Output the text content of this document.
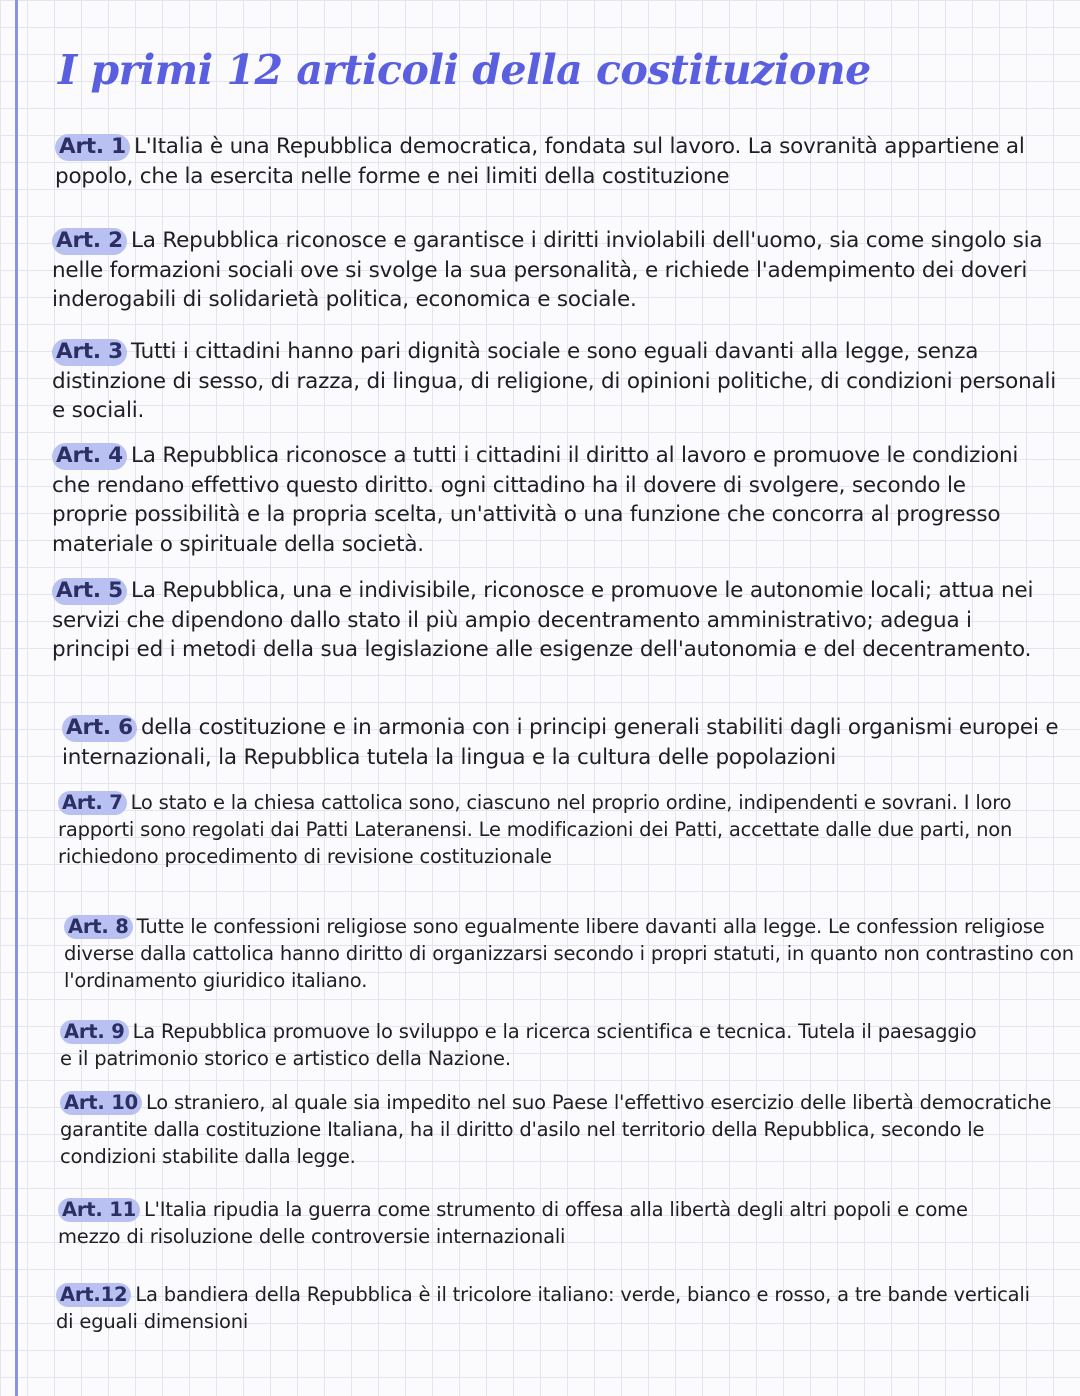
I primi 12 articoli della costituzione

Art. 1 L'Italia è una Repubblica democratica, fondata sul lavoro. La sovranità appartiene al popolo, che la esercita nelle forme e nei limiti della costituzione

Art. 2 La Repubblica riconosce e garantisce i diritti inviolabili dell'uomo, sia come singolo sia nelle formazioni sociali ove si svolge la sua personalità, e richiede l'adempimento dei doveri inderogabili di solidarietà politica, economica e sociale.

Art. 3 Tutti i cittadini hanno pari dignità sociale e sono eguali davanti alla legge, senza distinzione di sesso, di razza, di lingua, di religione, di opinioni politiche, di condizioni personali e sociali.

Art. 4 La Repubblica riconosce a tutti i cittadini il diritto al lavoro e promuove le condizioni che rendano effettivo questo diritto. ogni cittadino ha il dovere di svolgere, secondo le proprie possibilità e la propria scelta, un'attività o una funzione che concorra al progresso materiale o spirituale della società.

Art. 5 La Repubblica, una e indivisibile, riconosce e promuove le autonomie locali; attua nei servizi che dipendono dallo stato il più ampio decentramento amministrativo; adegua i principi ed i metodi della sua legislazione alle esigenze dell'autonomia e del decentramento.

Art. 6 della costituzione e in armonia con i principi generali stabiliti dagli organismi europei e internazionali, la Repubblica tutela la lingua e la cultura delle popolazioni

Art. 7 Lo stato e la chiesa cattolica sono, ciascuno nel proprio ordine, indipendenti e sovrani. I loro rapporti sono regolati dai Patti Lateranensi. Le modificazioni dei Patti, accettate dalle due parti, non richiedono procedimento di revisione costituzionale

Art. 8 Tutte le confessioni religiose sono egualmente libere davanti alla legge. Le confession religiose diverse dalla cattolica hanno diritto di organizzarsi secondo i propri statuti, in quanto non contrastino con l'ordinamento giuridico italiano.

Art. 9 La Repubblica promuove lo sviluppo e la ricerca scientifica e tecnica. Tutela il paesaggio e il patrimonio storico e artistico della Nazione.

Art. 10 Lo straniero, al quale sia impedito nel suo Paese l'effettivo esercizio delle libertà democratiche garantite dalla costituzione Italiana, ha il diritto d'asilo nel territorio della Repubblica, secondo le condizioni stabilite dalla legge.

Art. 11 L'Italia ripudia la guerra come strumento di offesa alla libertà degli altri popoli e come mezzo di risoluzione delle controversie internazionali

Art.12 La bandiera della Repubblica è il tricolore italiano: verde, bianco e rosso, a tre bande verticali di eguali dimensioni
